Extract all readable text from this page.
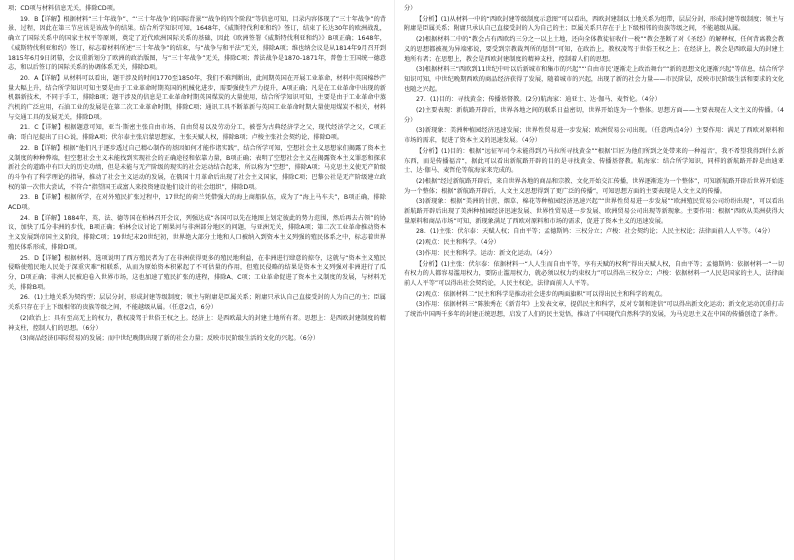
项；CD项与材料信息无关，排除CD项。

19．B【详解】根据材料“三十年战争”、“‘三十年战争’的国际背景”“战争的四个阶段”等信息可知，目录内容体现了“三十年战争”的背景、过程，因此在第三节应该是该战争的结果。结合所学知识可知，1648年，《威斯特伐利亚和约》签订，结束了长达30年的欧洲战乱，确立了国际关系中的国家主权平等原则，奠定了近代欧洲国际关系的基础，因此《欧洲签署《威斯特伐利亚和约》》B项正确；1648年，《威斯特伐利亚和约》签订，标志着材料所述“三十年战争”的结束，与“战争与和平法”无关，排除A项；维也纳会议是从1814年9月召开到1815年6月9日闭幕，会议重新划分了欧洲的政治版图，与“三十年战争”无关，排除C项；普法战争是1870-1871年，普鲁士王国统一德意志，和以后签订的国际关系的协调体系无关，排除D项。

20．A【详解】从材料可以看出，题干涉及的时间1770至1850年，我们不难判断出，此间期英国在开展工业革命，材料中英国棉纱产量大幅上升，结合所学知识可知主要是由于工业革命时期英国的机械化进步，需要强使生产力提升，A项正确；凡是在工业革命中出现的新机器新技术，不同于手工，排除B项；题干涉及的信息是工业革命时期英国煤炭的大量使用，结合所学知识可知，主要是由于工业革命中蒸汽机的广泛应用，石油工业的发展是在第二次工业革命时期，排除C项；通讯工具不断革新与英国工业革命时期大量使用煤炭不相关，材料与交通工具的发展无关，排除D项。

21．C【详解】根据题意可知，亚当·斯密主张自由市场、自由贸易以及劳动分工，被誉为古典经济学之父，现代经济学之父，C项正确；哥白尼提出了日心说，排除A项；伏尔泰主张启蒙思想家，主张天赋人权，排除B项；卢梭主张社会契约论，排除D项。

22．B【详解】根据“他们凡于逐步透过自己精心制作的基因如何才能作诸实践”，结合所学可知，空想社会主义思想家们揭露了资本主义制度的种种弊端，但空想社会主义未能找到实现社会的正确途径和依靠力量，B项正确；表明了空想社会主义在揭露资本主义罪恶和探求新社会的道路中有巨大的历史功绩，但是未能与无产阶级的现实的社会运动结合起来，所以称为“空想”，排除A项；马克思主义使无产阶级的斗争有了科学理论的指导，推动了社会主义运动的发展，在俄国十月革命后出现了社会主义国家，排除C项；巴黎公社是无产阶级建立政权的第一次伟大尝试，不符合“指望国王或富人来投资建设他们设计的社会组织”，排除D项。

23．B【详解】根据所学，在对外殖民扩张过程中，17世纪的荷兰凭借强大的海上商船队伍，成为了“海上马车夫”，B项正确，排除ACD项。

24．B【详解】1884年，英、法、德等国在柏林召开会议，列强达成“各国可以先在地图上划定彼此的势力范围，然后再去占领”的协议，加快了瓜分非洲的步伐，B项正确；柏林会议讨论了刚果河与非洲部分地区的问题，与亚洲无关，排除A项；第二次工业革命推动资本主义发展到帝国主义阶段，排除C项；19世纪末20世纪初，世界绝大部分土地和人口被纳入到资本主义列强的殖民体系之中，标志着世界殖民体系形成，排除D项。

25．D【详解】根据材料，选项说明了西方殖民者为了在非洲获得更多的殖民地利益，在非洲进行肆意的掠夺，这就与“资本主义殖民侵略使殖民地人民处于深重灾难”相联系，从而为原始资本积累起了不可估量的作用，但殖民侵略的结果是资本主义列强对非洲进行了瓜分，D项正确；非洲人民被迫卷入世界市场，这也加速了殖民扩张的进程，排除A、C项；工业革命促进了资本主义制度的发展，与材料无关，排除B项。

26．(1)土地关系为契约型；层层分封，形成封建等级制度；领主与附庸是臣属关系；附庸只承认自己直接受封的人为自己的主；臣属关系只存在于上下级相邻的贵族等级之间，不能越级从属。（任意2点，6分）

(2)政治上：具有至高无上的权力，教权凌驾于世俗王权之上。经济上：是西欧最大的封建土地所有者。思想上：是西欧封建制度的精神支柱，控制人们的思想。（6分）

(3)商品经济(国际贸易)的发展；而中世纪晚期出现了新的社会力量；反映市民阶级生活的文化的兴起。（6分）

分）

【分析】(1)从材料一中的“西欧封建等级制度示意图”可以看出，西欧封建制以土地关系为纽带，层层分封，形成封建等级制度；领主与附庸是臣属关系；附庸只承认自己直接受封的人为自己的主；臣属关系只存在于上下级相邻的贵族等级之间，不能越级从属。

(2)根据材料二中的“教会占有西欧约三分之一以上土地，还向全体教徒征收什一税”“教会垄断了对《圣经》的解释权，任何背离教会教义的思想都被视为异端邪说，要受到宗教裁判所的惩罚”可知，在政治上，教权凌驾于世俗王权之上；在经济上，教会是西欧最大的封建土地所有者；在思想上，教会是西欧封建制度的精神支柱，控制着人们的思想。

(3)根据材料三“西欧到11世纪中叶以后新城市和集市的兴起”“‘自由市民’逐渐走上政治舞台”“新的思想文化逐渐兴起”等信息，结合所学知识可知，中世纪晚期西欧的商品经济获得了发展，随着城市的兴起，出现了新的社会力量——市民阶层，反映市民阶级生活和要求的文化也随之兴起。

27．(1)目的：寻找黄金；传播基督教。(2分)航海家：迪亚士、达·伽马、麦哲伦。（4分）

(2)主要表现：新航路开辟后，世界各地之间的联系日益密切，世界开始连为一个整体。思想方面——主要表现在人文主义的传播。（4分）

(3)新现象：美洲种植园经济迅速发展；世界性贸易进一步发展；欧洲贸易公司出现。（任意两点4分）主要作用：满足了西欧对原料和市场的需求，促进了资本主义的迅速发展。（4分）

【分析】(1)目的：根据“远征军司令未能得到乃马拉所寻找黄金”“根据‘巨匠为他们所到之处带来的一种福音’，我不希望我得到什么新东西，而是传播福音”，据此可以看出新航路开辟的目的是寻找黄金、传播基督教。航海家：结合所学知识，同样的新航路开辟是由迪亚士、达·伽马、麦哲伦等航海家来完成的。

(2)根据“经过新航路开辟后，来自世界各地的商品和宗教、文化开始交汇传播，世界逐渐连为一个整体”，可知新航路开辟后世界开始连为一个整体；根据“新航路开辟后，人文主义思想得到了更广泛的传播”，可知思想方面的主要表现是人文主义的传播。

(3)新现象：根据“美洲的甘蔗、烟草、棉花等种植园经济迅速兴起”“世界性贸易进一步发展”“欧洲殖民贸易公司纷纷出现”，可以看出新航路开辟后出现了美洲种植园经济迅速发展、世界性贸易进一步发展、欧洲贸易公司出现等新现象。主要作用：根据“西欧从美洲获得大量原料和商品市场”可知，新现象满足了西欧对原料和市场的需求，促进了资本主义的迅速发展。

28．(1)主张：伏尔泰：天赋人权；自由平等；孟德斯鸠：三权分立；卢梭：社会契约论；人民主权论；法律面前人人平等。（4分）

(2)观点：民主和科学。（4分）

(3)作用：民主和科学。运动：新文化运动。（4分）

【分析】(1)主张：伏尔泰：依据材料一“人人生而自由平等，享有天赋的权利”得出天赋人权，自由平等；孟德斯鸠：依据材料一“一切有权力的人都容易滥用权力，要防止滥用权力，就必须以权力约束权力”可以得出三权分立；卢梭：依据材料一“人民是国家的主人，法律面前人人平等”可以得出社会契约论，人民主权论，法律面前人人平等。

(2)观点：依据材料二“民主和科学是推动社会进步的两面旗帜”可以得出民主和科学的观点。

(3)作用：依据材料三“陈独秀在《新青年》上发表文章，提倡民主和科学，反对专制和迷信”可以得出新文化运动；新文化运动沉重打击了统治中国两千多年的封建正统思想，启发了人们的民主觉悟，推动了中国现代自然科学的发展，为马克思主义在中国的传播创造了条件。
